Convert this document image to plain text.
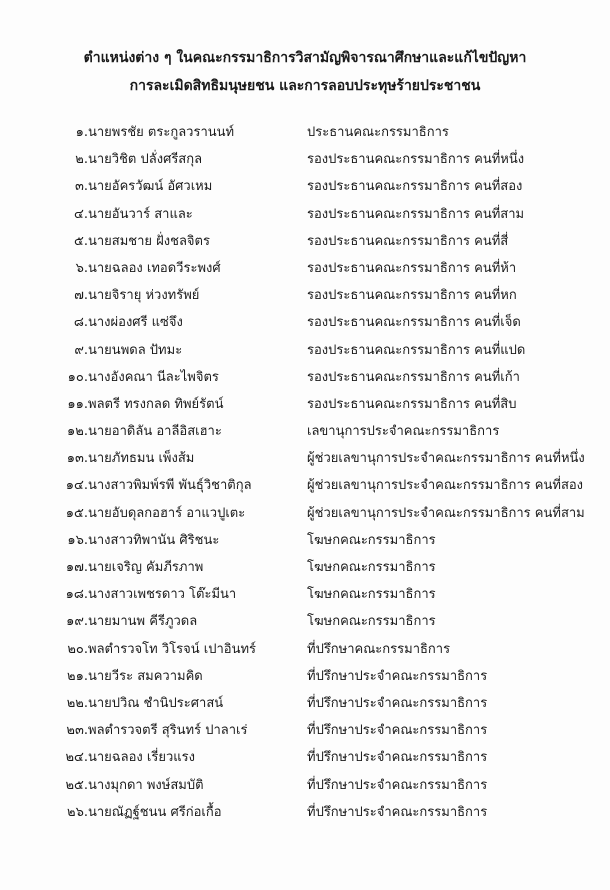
ตำแหน่งต่าง ๆ ในคณะกรรมาธิการวิสามัญพิจารณาศึกษาและแก้ไขปัญหา
การละเมิดสิทธิมนุษยชน และการลอบประทุษร้ายประชาชน
๑. นายพรชัย ตระกูลวรานนท์	ประธานคณะกรรมาธิการ
๒. นายวิชิต ปลั่งศรีสกุล	รองประธานคณะกรรมาธิการ คนที่หนึ่ง
๓. นายอัครวัฒน์ อัศวเหม	รองประธานคณะกรรมาธิการ คนที่สอง
๔. นายอันวาร์ สาและ	รองประธานคณะกรรมาธิการ คนที่สาม
๕. นายสมชาย ฝั่งชลจิตร	รองประธานคณะกรรมาธิการ คนที่สี่
๖. นายฉลอง เทอดวีระพงศ์	รองประธานคณะกรรมาธิการ คนที่ห้า
๗. นายจิรายุ ห่วงทรัพย์	รองประธานคณะกรรมาธิการ คนที่หก
๘. นางผ่องศรี แซ่จึง	รองประธานคณะกรรมาธิการ คนที่เจ็ด
๙. นายนพดล ปัทมะ	รองประธานคณะกรรมาธิการ คนที่แปด
๑๐. นางอังคณา นีละไพจิตร	รองประธานคณะกรรมาธิการ คนที่เก้า
๑๑. พลตรี ทรงกลด ทิพย์รัตน์	รองประธานคณะกรรมาธิการ คนที่สิบ
๑๒. นายอาดิลัน อาลีอิสเฮาะ	เลขานุการประจำคณะกรรมาธิการ
๑๓. นายภัทธมน เพ็งส้ม	ผู้ช่วยเลขานุการประจำคณะกรรมาธิการ คนที่หนึ่ง
๑๔. นางสาวพิมพ์รพี พันธุ์วิชาติกุล	ผู้ช่วยเลขานุการประจำคณะกรรมาธิการ คนที่สอง
๑๕. นายอับดุลกอฮาร์ อาแวปูเตะ	ผู้ช่วยเลขานุการประจำคณะกรรมาธิการ คนที่สาม
๑๖. นางสาวทิพานัน ศิริชนะ	โฆษกคณะกรรมาธิการ
๑๗. นายเจริญ คัมภีรภาพ	โฆษกคณะกรรมาธิการ
๑๘. นางสาวเพชรดาว โต๊ะมีนา	โฆษกคณะกรรมาธิการ
๑๙. นายมานพ คีรีภูวดล	โฆษกคณะกรรมาธิการ
๒๐. พลตำรวจโท วิโรจน์ เปาอินทร์	ที่ปรึกษาคณะกรรมาธิการ
๒๑. นายวีระ สมความคิด	ที่ปรึกษาประจำคณะกรรมาธิการ
๒๒. นายปวิณ ชำนิประศาสน์	ที่ปรึกษาประจำคณะกรรมาธิการ
๒๓. พลตำรวจตรี สุรินทร์ ปาลาเร่	ที่ปรึกษาประจำคณะกรรมาธิการ
๒๔. นายฉลอง เรี่ยวแรง	ที่ปรึกษาประจำคณะกรรมาธิการ
๒๕. นางมุกดา พงษ์สมบัติ	ที่ปรึกษาประจำคณะกรรมาธิการ
๒๖. นายณัฏฐ์ชนน ศรีก่อเกื้อ	ที่ปรึกษาประจำคณะกรรมาธิการ
